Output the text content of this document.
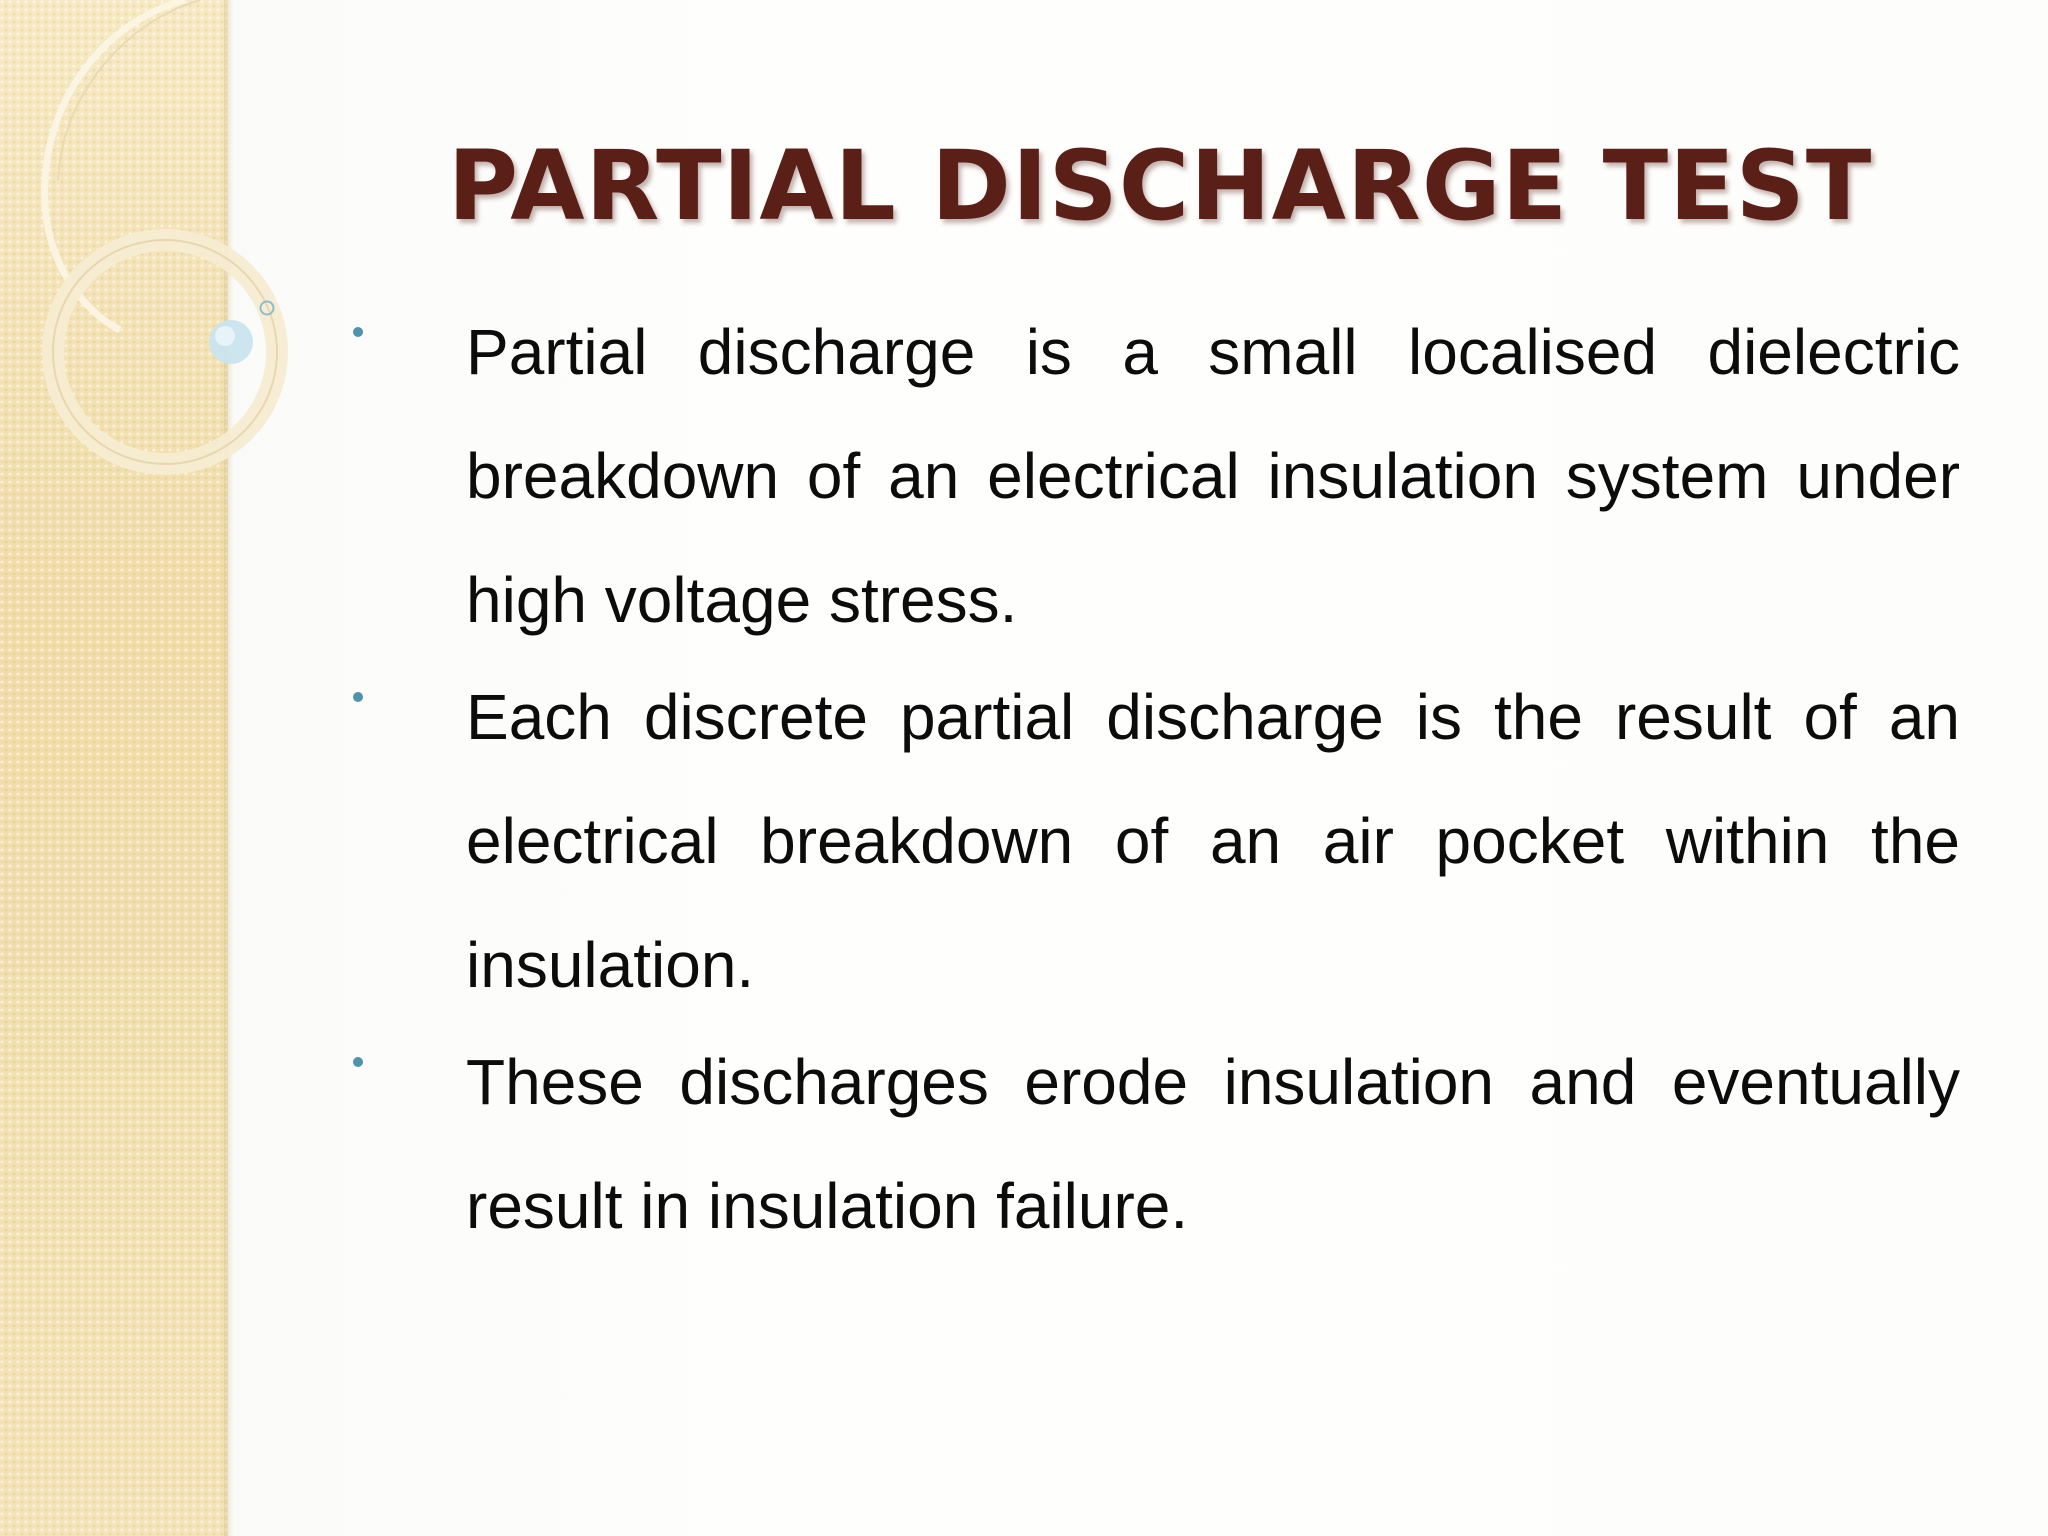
PARTIAL DISCHARGE TEST

Partial discharge is a small localised dielectric breakdown of an electrical insulation system under high voltage stress.

Each discrete partial discharge is the result of an electrical breakdown of an air pocket within the insulation.

These discharges erode insulation and eventually result in insulation failure.
